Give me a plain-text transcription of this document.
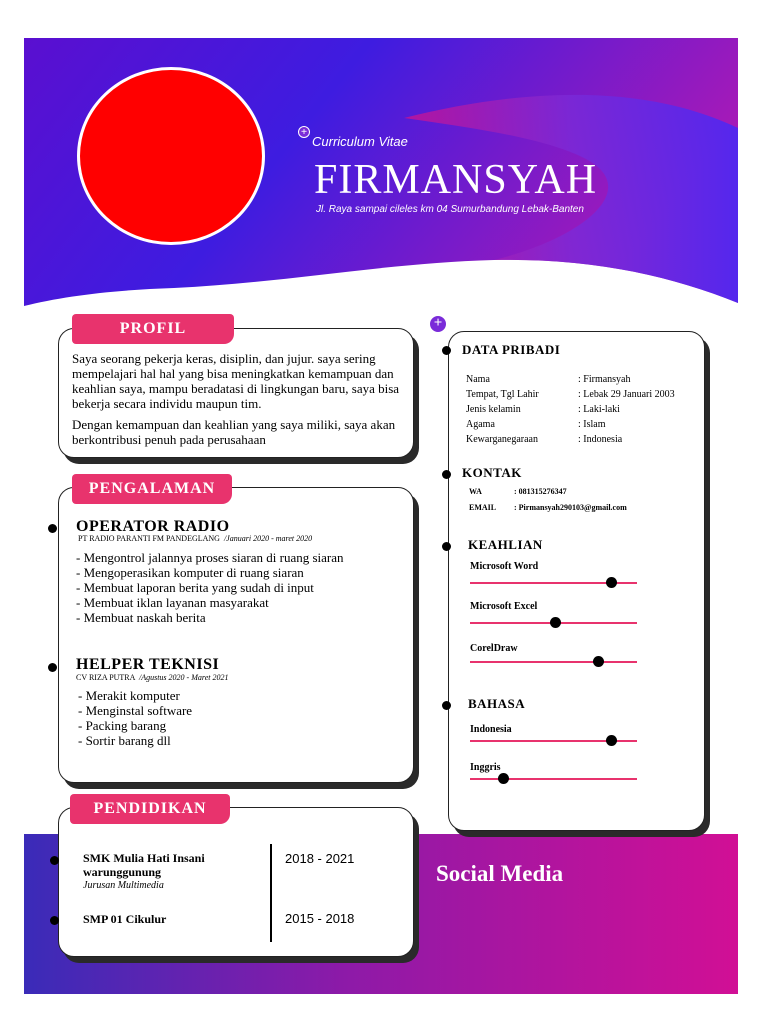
+
Curriculum Vitae
FIRMANSYAH
Jl. Raya sampai cileles km 04 Sumurbandung Lebak-Banten
Saya seorang pekerja keras, disiplin, dan jujur. saya sering mempelajari hal hal yang bisa meningkatkan kemampuan dan keahlian saya, mampu beradatasi di lingkungan baru, saya bisa bekerja secara individu maupun tim.
Dengan kemampuan dan keahlian yang saya miliki, saya akan berkontribusi penuh pada perusahaan
PROFIL
OPERATOR RADIO
PT RADIO PARANTI FM PANDEGLANG /Januari 2020 - maret 2020
- Mengontrol jalannya proses siaran di ruang siaran
- Mengoperasikan komputer di ruang siaran
- Membuat laporan berita yang sudah di input
- Membuat iklan layanan masyarakat
- Membuat naskah berita
HELPER TEKNISI
CV RIZA PUTRA /Agustus 2020 - Maret 2021
- Merakit komputer
- Menginstal software
- Packing barang
- Sortir barang dll
PENGALAMAN
SMK Mulia Hati Insani warunggunung
Jurusan Multimedia
2018 - 2021
SMP 01 Cikulur	2015 - 2018
PENDIDIKAN
DATA PRIBADI
Nama	: Firmansyah
Tempat, Tgl Lahir	: Lebak 29 Januari 2003
Jenis kelamin	: Laki-laki
Agama	: Islam
Kewarganegaraan	: Indonesia
KONTAK
WA	: 081315276347
EMAIL : Pirmansyah290103@gmail.com
KEAHLIAN
Microsoft Word
Microsoft Excel
CorelDraw
BAHASA
Indonesia
Inggris
+
Social Media
